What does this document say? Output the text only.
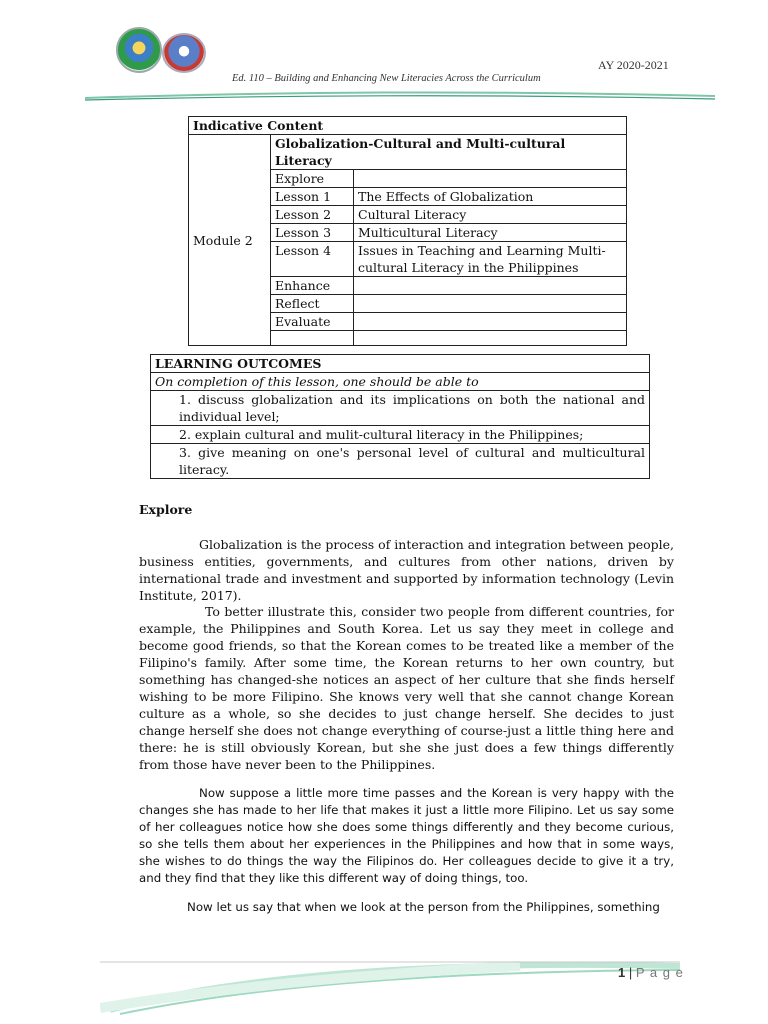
AY 2020-2021
Ed. 110 – Building and Enhancing New Literacies Across the Curriculum
Indicative Content		
Module 2	Globalization-Cultural and Multi-cultural Literacy	
	Explore	
	Lesson 1	The Effects of Globalization
	Lesson 2	Cultural Literacy
	Lesson 3	Multicultural Literacy
	Lesson 4	Issues in Teaching and Learning Multi-
cultural Literacy in the Philippines
	Enhance	
	Reflect	
	Evaluate	

LEARNING OUTCOMES
On completion of this lesson, one should be able to
1. discuss globalization and its implications on both the national and individual level;
2. explain cultural and mulit-cultural literacy in the Philippines;
3. give meaning on one's personal level of cultural and multicultural literacy.
Explore
Globalization is the process of interaction and integration between people, business entities, governments, and cultures from other nations, driven by international trade and investment and supported by information technology (Levin Institute, 2017).
To better illustrate this, consider two people from different countries, for example, the Philippines and South Korea. Let us say they meet in college and become good friends, so that the Korean comes to be treated like a member of the Filipino's family. After some time, the Korean returns to her own country, but something has changed-she notices an aspect of her culture that she finds herself wishing to be more Filipino. She knows very well that she cannot change Korean culture as a whole, so she decides to just change herself. She decides to just change herself she does not change everything of course-just a little thing here and there: he is still obviously Korean, but she she just does a few things differently from those have never been to the Philippines.
Now suppose a little more time passes and the Korean is very happy with the changes she has made to her life that makes it just a little more Filipino. Let us say some of her colleagues notice how she does some things differently and they become curious, so she tells them about her experiences in the Philippines and how that in some ways, she wishes to do things the way the Filipinos do. Her colleagues decide to give it a try, and they find that they like this different way of doing things, too.
Now let us say that when we look at the person from the Philippines, something
1 | P a g e
